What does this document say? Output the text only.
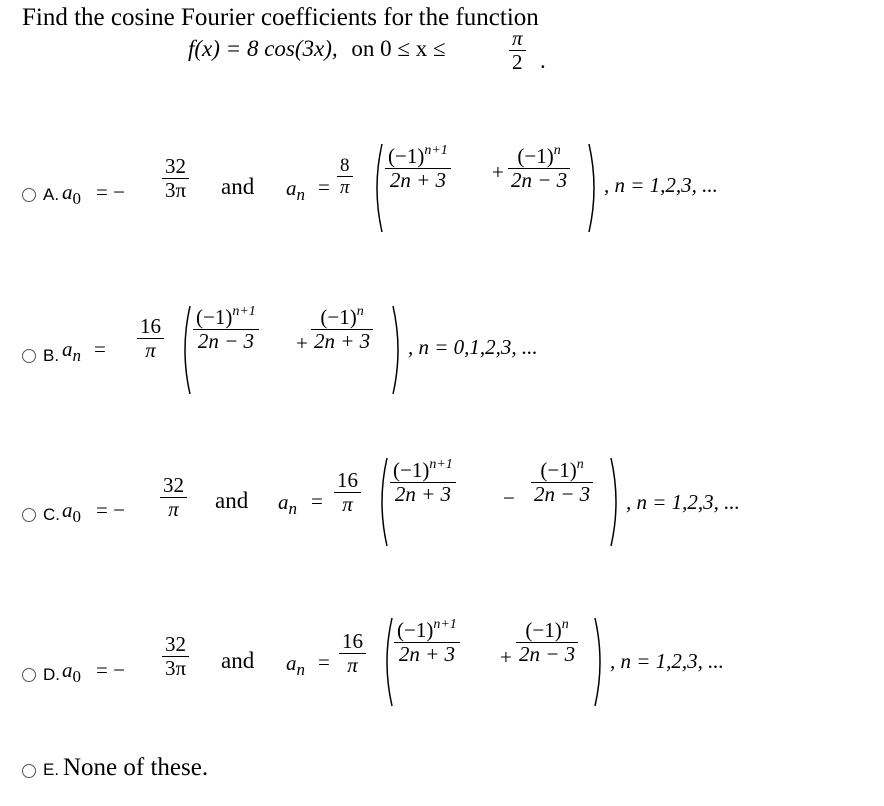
Find the cosine Fourier coefficients for the function
f(x) = 8 cos(3x), on 0 ≤ x ≤	π
2 .
A. $a_0$ = −
32
3π and $a_n$ =
8
π
$(-1)^{n+1}$
2n + 3 +
$(-1)^n$
2n − 3 , n = 1,2,3, ...
B. $a_n$ =
16
π
$(-1)^{n+1}$
2n − 3 +
$(-1)^n$
2n + 3 , n = 0,1,2,3, ...
C. $a_0$ = −
32
π and $a_n$ =
16
π
$(-1)^{n+1}$
2n + 3 −
$(-1)^n$
2n − 3 , n = 1,2,3, ...
D. $a_0$ = −
32
3π and $a_n$ =
16
π
$(-1)^{n+1}$
2n + 3 +
$(-1)^n$
2n − 3 , n = 1,2,3, ...
E. None of these.
